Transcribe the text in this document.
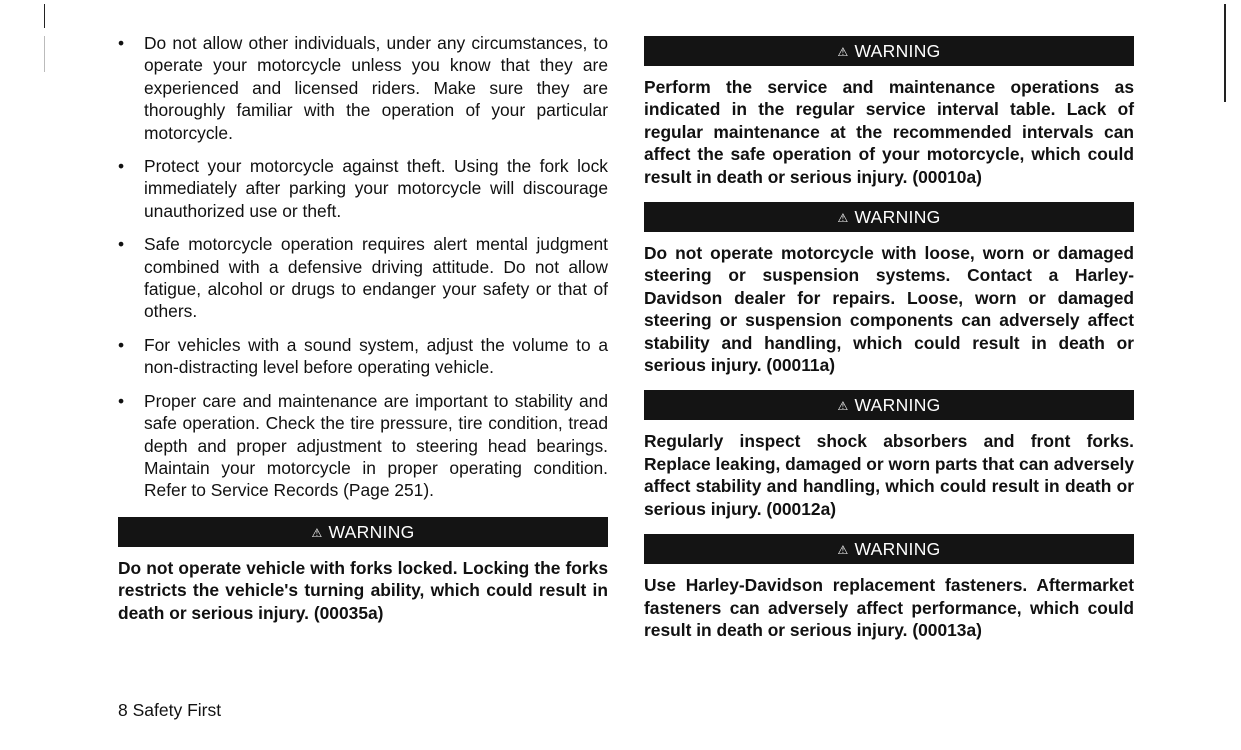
• Do not allow other individuals, under any circumstances, to operate your motorcycle unless you know that they are experienced and licensed riders. Make sure they are thoroughly familiar with the operation of your particular motorcycle.
• Protect your motorcycle against theft. Using the fork lock immediately after parking your motorcycle will discourage unauthorized use or theft.
• Safe motorcycle operation requires alert mental judgment combined with a defensive driving attitude. Do not allow fatigue, alcohol or drugs to endanger your safety or that of others.
• For vehicles with a sound system, adjust the volume to a non-distracting level before operating vehicle.
• Proper care and maintenance are important to stability and safe operation. Check the tire pressure, tire condition, tread depth and proper adjustment to steering head bearings. Maintain your motorcycle in proper operating condition. Refer to Service Records (Page 251).
⚠ WARNING
Do not operate vehicle with forks locked. Locking the forks restricts the vehicle's turning ability, which could result in death or serious injury. (00035a)
⚠ WARNING
Perform the service and maintenance operations as indicated in the regular service interval table. Lack of regular maintenance at the recommended intervals can affect the safe operation of your motorcycle, which could result in death or serious injury. (00010a)
⚠ WARNING
Do not operate motorcycle with loose, worn or damaged steering or suspension systems. Contact a Harley-Davidson dealer for repairs. Loose, worn or damaged steering or suspension components can adversely affect stability and handling, which could result in death or serious injury. (00011a)
⚠ WARNING
Regularly inspect shock absorbers and front forks. Replace leaking, damaged or worn parts that can adversely affect stability and handling, which could result in death or serious injury. (00012a)
⚠ WARNING
Use Harley-Davidson replacement fasteners. Aftermarket fasteners can adversely affect performance, which could result in death or serious injury. (00013a)
8 Safety First
